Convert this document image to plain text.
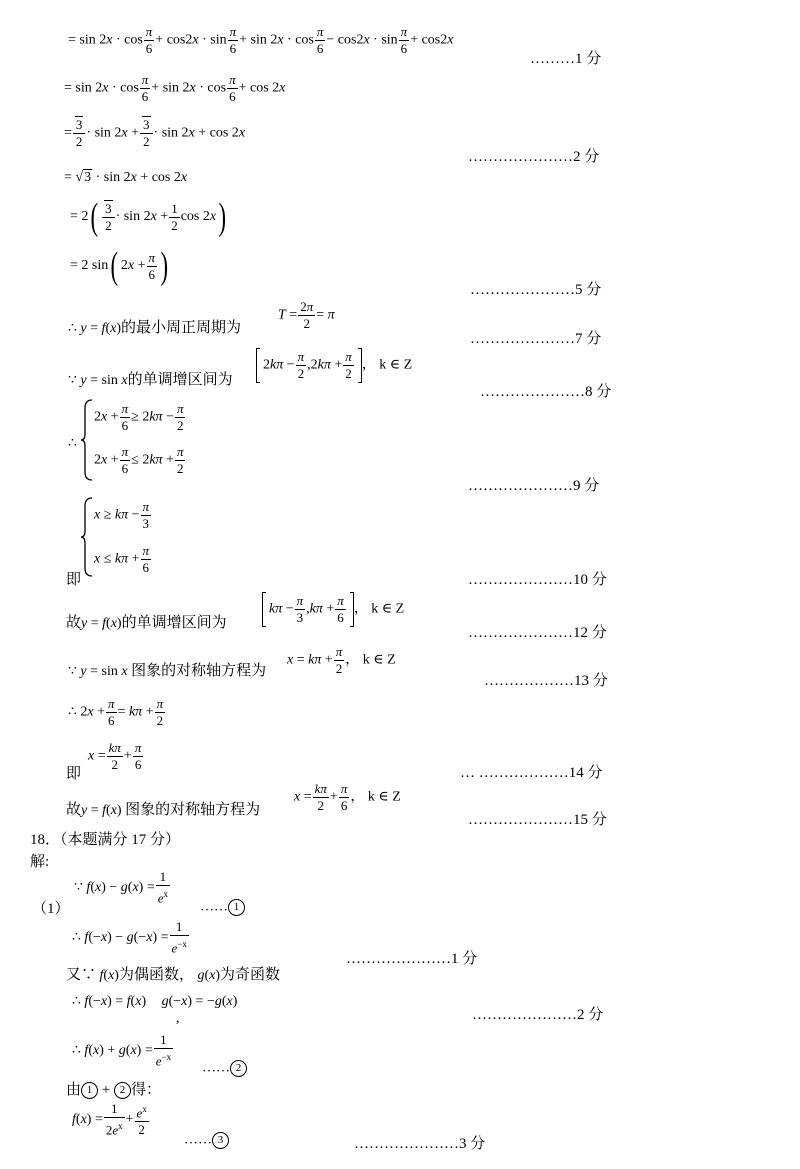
= $\sin 2x \cdot \cos \frac{\pi}{6} + \cos 2x \cdot \sin \frac{\pi}{6} + \sin 2x \cdot \cos \frac{\pi}{6} - \cos 2x \cdot \sin \frac{\pi}{6} + \cos 2x$
………1 分
= $\sin 2x \cdot \cos \frac{\pi}{6} + \sin 2x \cdot \cos \frac{\pi}{6} + \cos 2x$
= $\frac{3}{2} \cdot \sin 2x + \frac{3}{2} \cdot \sin 2x + \cos 2x$
…………………2 分
= √3 · sin 2x + cos 2x
= $2( \frac{3}{2} \cdot \sin 2x + \frac{1}{2}$ cos 2x)
= 2 sin( $2x + \frac{\pi}{6}$ )
…………………5 分
∴ y = f(x)的最小周正周期为
$T = \frac{2\pi}{2} = \pi$
…………………7 分
∵ y = sin x的单调增区间为
$2k\pi - \frac{\pi}{2} ,2k\pi + \frac{\pi}{2}$ ， k ∈ Z
…………………8 分
∴
$2x + \frac{\pi}{6} \ge 2k\pi - \frac{\pi}{2}$
$2x + \frac{\pi}{6} \le 2k\pi + \frac{\pi}{2}$
…………………9 分
$x \ge k\pi - \frac{\pi}{3}$
$x \le k\pi + \frac{\pi}{6}$
即	…………………10 分
故y = f(x)的单调增区间为
$k\pi - \frac{\pi}{3} ,k\pi + \frac{\pi}{6}$ ， k ∈ Z
…………………12 分
∵ y = sin x 图象的对称轴方程为
$x = k\pi + \frac{\pi}{2}$ ， k ∈ Z
………………13 分
∴ $2x + \frac{\pi}{6} = k\pi + \frac{\pi}{2}$
$x = \frac{k\pi}{2} + \frac{\pi}{6}$
即	… ………………14 分
故y = f(x) 图象的对称轴方程为
$x = \frac{k\pi}{2} + \frac{\pi}{6}$ ， k ∈ Z
…………………15 分
18．（本题满分 17 分）
解:
（1）
∵ $f(x) - g(x) = \frac{1}{e^x}$
…… 1
∴ $f(-x) - g(-x) = \frac{1}{e^{-x}}$
…………………1 分
又∵ f(x)为偶函数， g(x)为奇函数
∴ f(−x) = f(x) g(−x) = −g(x)
,	…………………2 分
∴ $f(x) + g(x) = \frac{1}{e^{-x}}$ …… 2
由 1 + 2 得：
$f(x) = \frac{1}{2e^x} + \frac{e^x}{2}$
…… 3	…………………3 分
